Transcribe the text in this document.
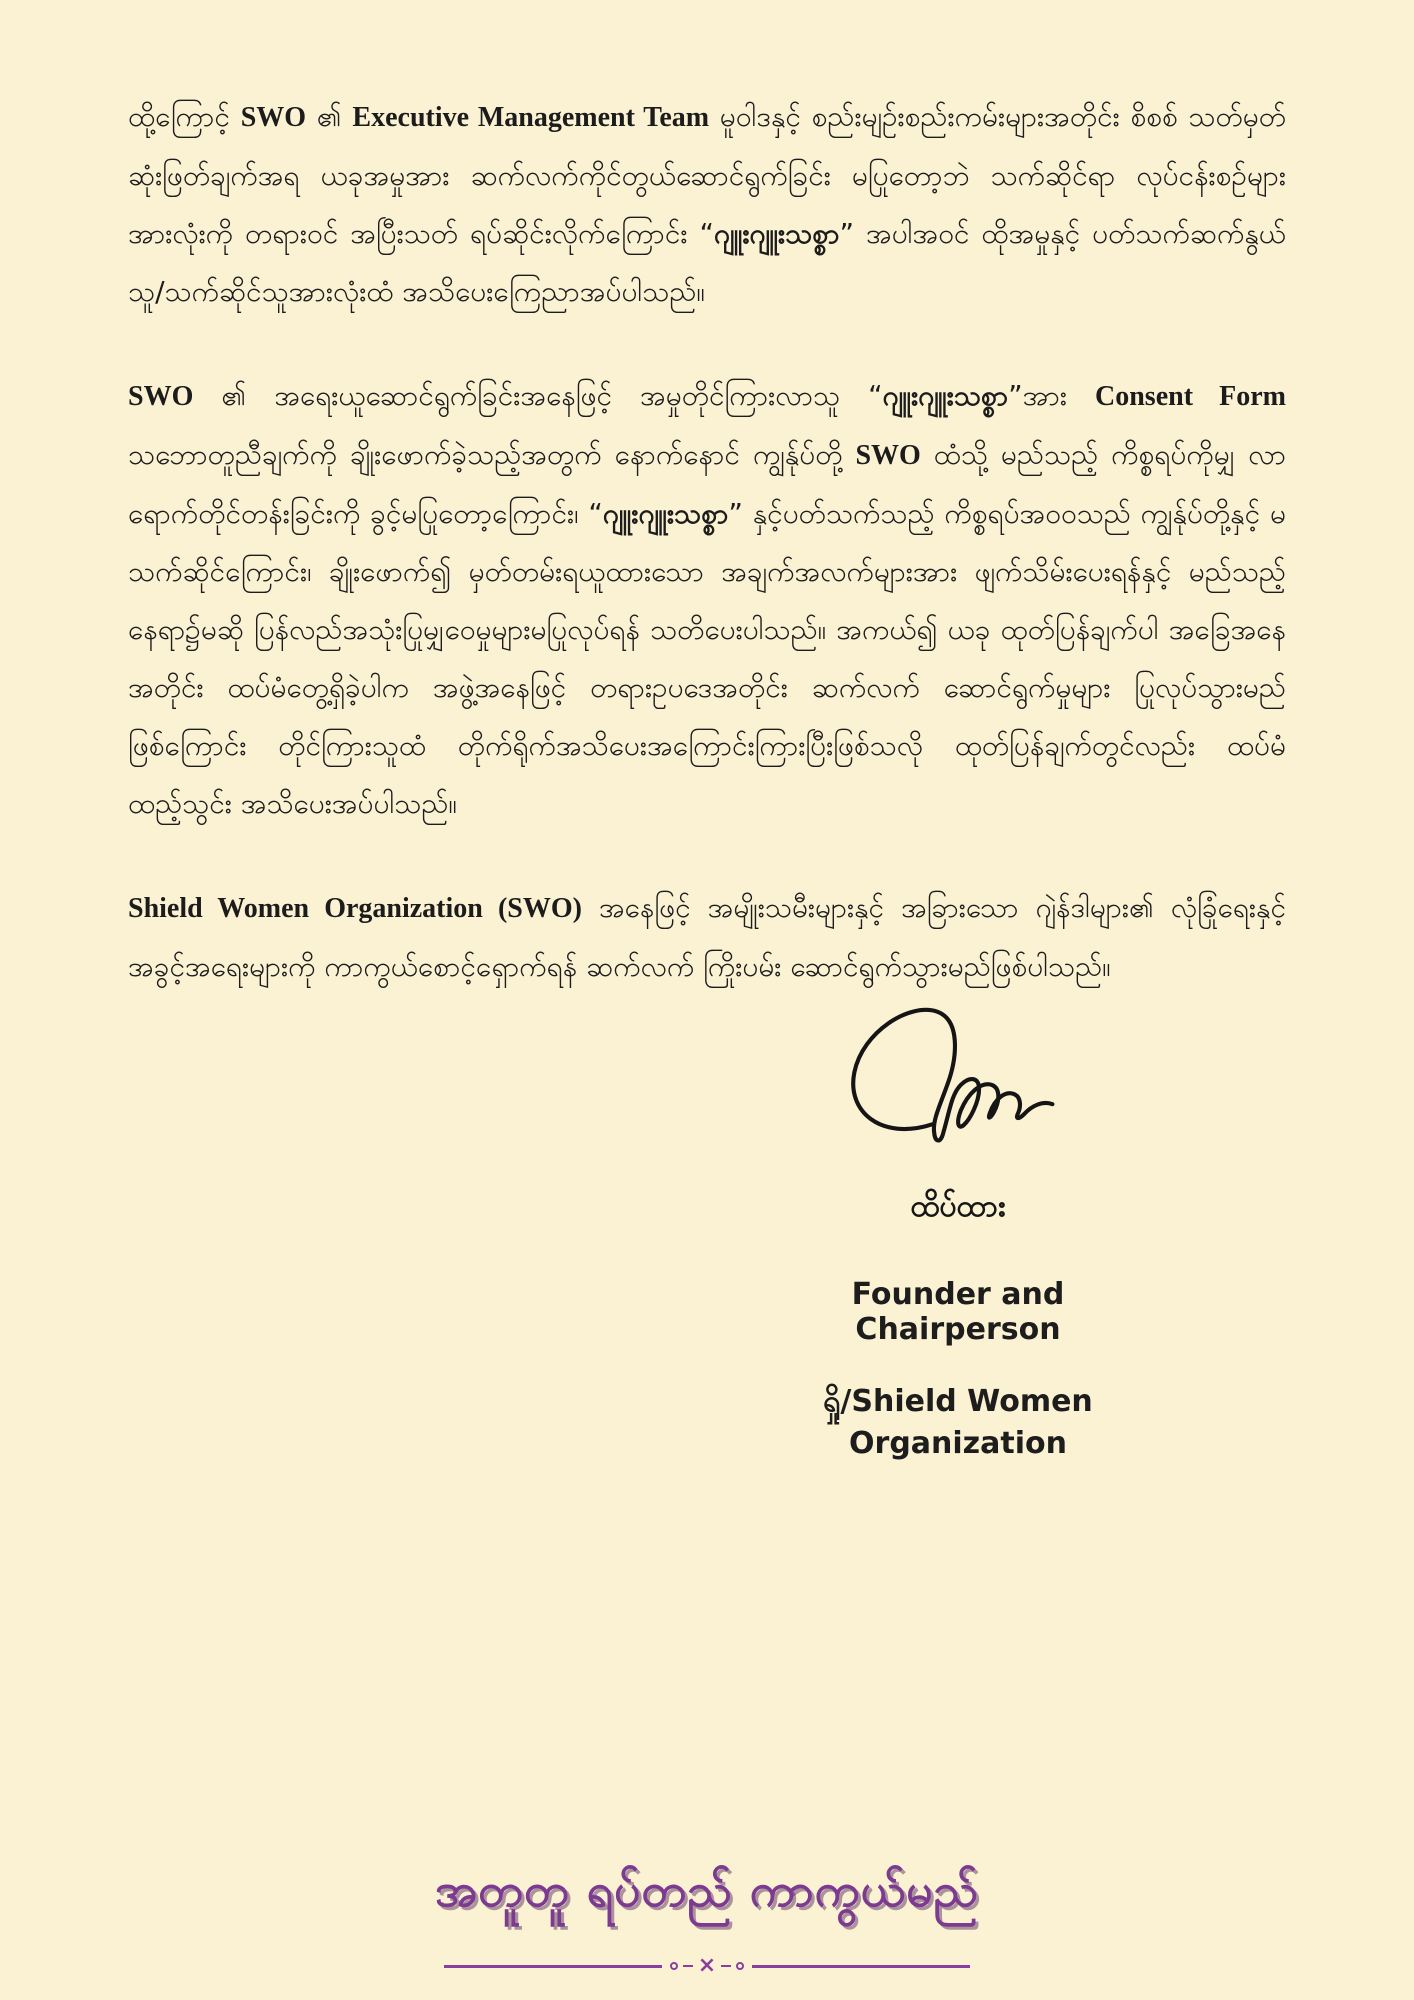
ထို့ကြောင့် SWO ၏ Executive Management Team မူဝါဒနှင့် စည်းမျဉ်းစည်းကမ်းများအတိုင်း စိစစ် သတ်မှတ် ဆုံးဖြတ်ချက်အရ ယခုအမှုအား ဆက်လက်ကိုင်တွယ်ဆောင်ရွက်ခြင်း မပြုတော့ဘဲ သက်ဆိုင်ရာ လုပ်ငန်းစဉ်များအားလုံးကို တရားဝင် အပြီးသတ် ရပ်ဆိုင်းလိုက်ကြောင်း “ဂျူးဂျူးသစ္စာ” အပါအဝင် ထိုအမှုနှင့် ပတ်သက်ဆက်နွယ်သူ/သက်ဆိုင်သူအားလုံးထံ အသိပေးကြေညာအပ်ပါသည်။

SWO ၏ အရေးယူဆောင်ရွက်ခြင်းအနေဖြင့် အမှုတိုင်ကြားလာသူ “ဂျူးဂျူးသစ္စာ”အား Consent Form သဘောတူညီချက်ကို ချိုးဖောက်ခဲ့သည့်အတွက် နောက်နောင် ကျွန်ုပ်တို့ SWO ထံသို့ မည်သည့် ကိစ္စရပ်ကိုမျှ လာရောက်တိုင်တန်းခြင်းကို ခွင့်မပြုတော့ကြောင်း၊ “ဂျူးဂျူးသစ္စာ” နှင့်ပတ်သက်သည့် ကိစ္စရပ်အဝဝသည် ကျွန်ုပ်တို့နှင့် မသက်ဆိုင်ကြောင်း၊ ချိုးဖောက်၍ မှတ်တမ်းရယူထားသော အချက်အလက်များအား ဖျက်သိမ်းပေးရန်နှင့် မည်သည့်နေရာ၌မဆို ပြန်လည်အသုံးပြုမျှဝေမှုများမပြုလုပ်ရန် သတိပေးပါသည်။ အကယ်၍ ယခု ထုတ်ပြန်ချက်ပါ အခြေအနေအတိုင်း ထပ်မံတွေ့ရှိခဲ့ပါက အဖွဲ့အနေဖြင့် တရားဥပဒေအတိုင်း ဆက်လက် ဆောင်ရွက်မှုများ ပြုလုပ်သွားမည်ဖြစ်ကြောင်း တိုင်ကြားသူထံ တိုက်ရိုက်အသိပေးအကြောင်းကြားပြီးဖြစ်သလို ထုတ်ပြန်ချက်တွင်လည်း ထပ်မံ ထည့်သွင်း အသိပေးအပ်ပါသည်။

Shield Women Organization (SWO) အနေဖြင့် အမျိုးသမီးများနှင့် အခြားသော ဂျဲန်ဒါများ၏ လုံခြုံရေးနှင့် အခွင့်အရေးများကို ကာကွယ်စောင့်ရှောက်ရန် ဆက်လက် ကြိုးပမ်း ဆောင်ရွက်သွားမည်ဖြစ်ပါသည်။

ထိပ်ထား
Founder and Chairperson
ရှို/Shield Women Organization
အတူတူ ရပ်တည် ကာကွယ်မည်
×
